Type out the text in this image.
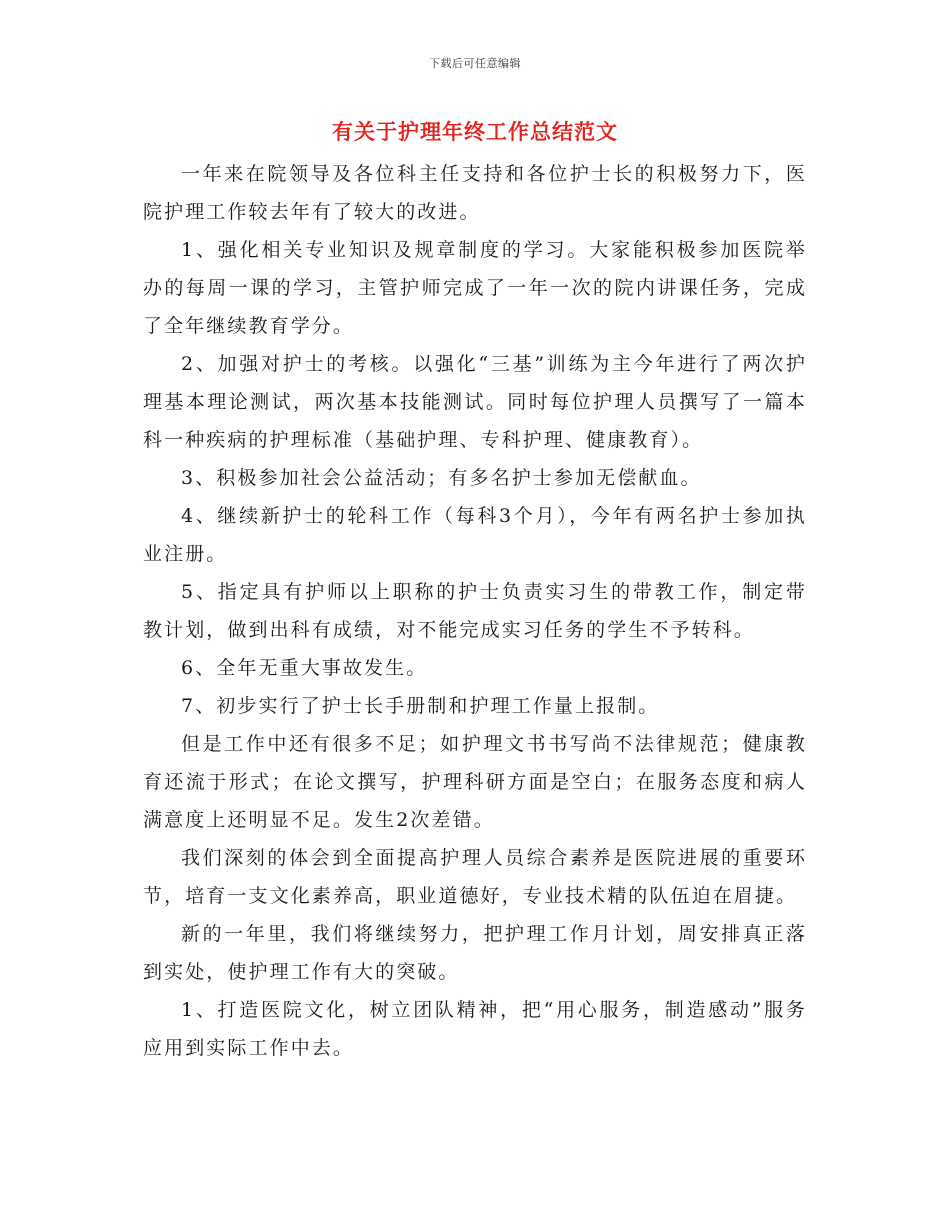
下载后可任意编辑
有关于护理年终工作总结范文

一年来在院领导及各位科主任支持和各位护士长的积极努力下，医院护理工作较去年有了较大的改进。

1、强化相关专业知识及规章制度的学习。大家能积极参加医院举办的每周一课的学习，主管护师完成了一年一次的院内讲课任务，完成了全年继续教育学分。

2、加强对护士的考核。以强化“三基”训练为主今年进行了两次护理基本理论测试，两次基本技能测试。同时每位护理人员撰写了一篇本科一种疾病的护理标准（基础护理、专科护理、健康教育）。

3、积极参加社会公益活动；有多名护士参加无偿献血。

4、继续新护士的轮科工作（每科3个月），今年有两名护士参加执业注册。

5、指定具有护师以上职称的护士负责实习生的带教工作，制定带教计划，做到出科有成绩，对不能完成实习任务的学生不予转科。

6、全年无重大事故发生。

7、初步实行了护士长手册制和护理工作量上报制。

但是工作中还有很多不足；如护理文书书写尚不法律规范；健康教育还流于形式；在论文撰写，护理科研方面是空白；在服务态度和病人满意度上还明显不足。发生2次差错。

我们深刻的体会到全面提高护理人员综合素养是医院进展的重要环节，培育一支文化素养高，职业道德好，专业技术精的队伍迫在眉捷。

新的一年里，我们将继续努力，把护理工作月计划，周安排真正落到实处，使护理工作有大的突破。

1、打造医院文化，树立团队精神，把“用心服务，制造感动”服务应用到实际工作中去。
